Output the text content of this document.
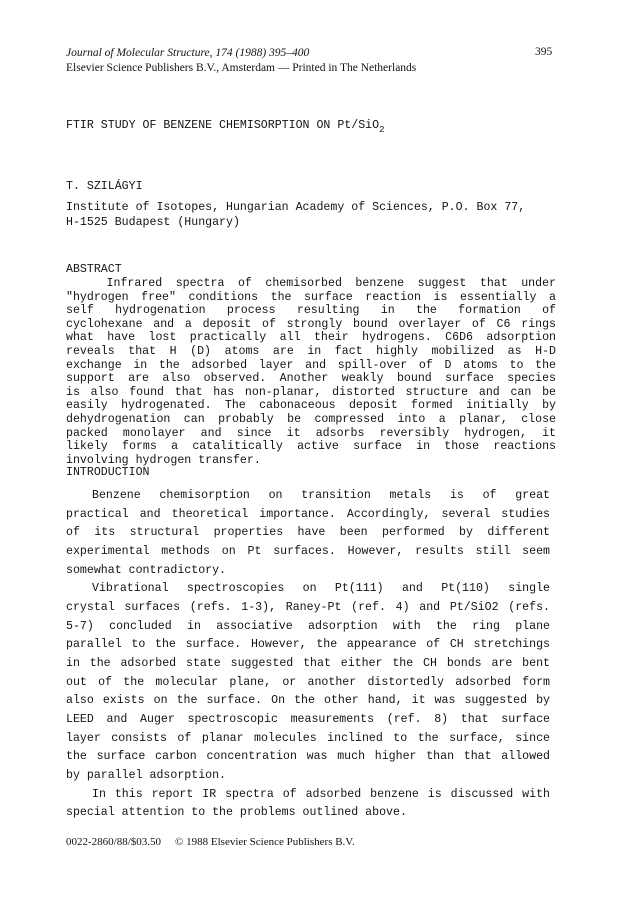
Journal of Molecular Structure, 174 (1988) 395–400
Elsevier Science Publishers B.V., Amsterdam — Printed in The Netherlands
395
FTIR STUDY OF BENZENE CHEMISORPTION ON Pt/SiO$_2$
T. SZILÁGYI
Institute of Isotopes, Hungarian Academy of Sciences, P.O. Box 77,
H-1525 Budapest (Hungary)
ABSTRACT
Infrared spectra of chemisorbed benzene suggest that under
"hydrogen free" conditions the surface reaction is essentially a
self hydrogenation process resulting in the formation of
cyclohexane and a deposit of strongly bound overlayer of C6 rings
what have lost practically all their hydrogens. C6D6 adsorption
reveals that H (D) atoms are in fact highly mobilized as H-D
exchange in the adsorbed layer and spill-over of D atoms to the
support are also observed. Another weakly bound surface species
is also found that has non-planar, distorted structure and can be
easily hydrogenated. The cabonaceous deposit formed initially by
dehydrogenation can probably be compressed into a planar, close
packed monolayer and since it adsorbs reversibly hydrogen, it
likely forms a catalitically active surface in those reactions
involving hydrogen transfer.
INTRODUCTION
Benzene chemisorption on transition metals is of great
practical and theoretical importance. Accordingly, several studies
of its structural properties have been performed by different
experimental methods on Pt surfaces. However, results still seem
somewhat contradictory.
Vibrational spectroscopies on Pt(111) and Pt(110) single
crystal surfaces (refs. 1-3), Raney-Pt (ref. 4) and Pt/SiO2 (refs.
5-7) concluded in associative adsorption with the ring plane
parallel to the surface. However, the appearance of CH stretchings
in the adsorbed state suggested that either the CH bonds are bent
out of the molecular plane, or another distortedly adsorbed form
also exists on the surface. On the other hand, it was suggested by
LEED and Auger spectroscopic measurements (ref. 8) that surface
layer consists of planar molecules inclined to the surface, since
the surface carbon concentration was much higher than that allowed
by parallel adsorption.
In this report IR spectra of adsorbed benzene is discussed with
special attention to the problems outlined above.
0022-2860/88/$03.50 © 1988 Elsevier Science Publishers B.V.
